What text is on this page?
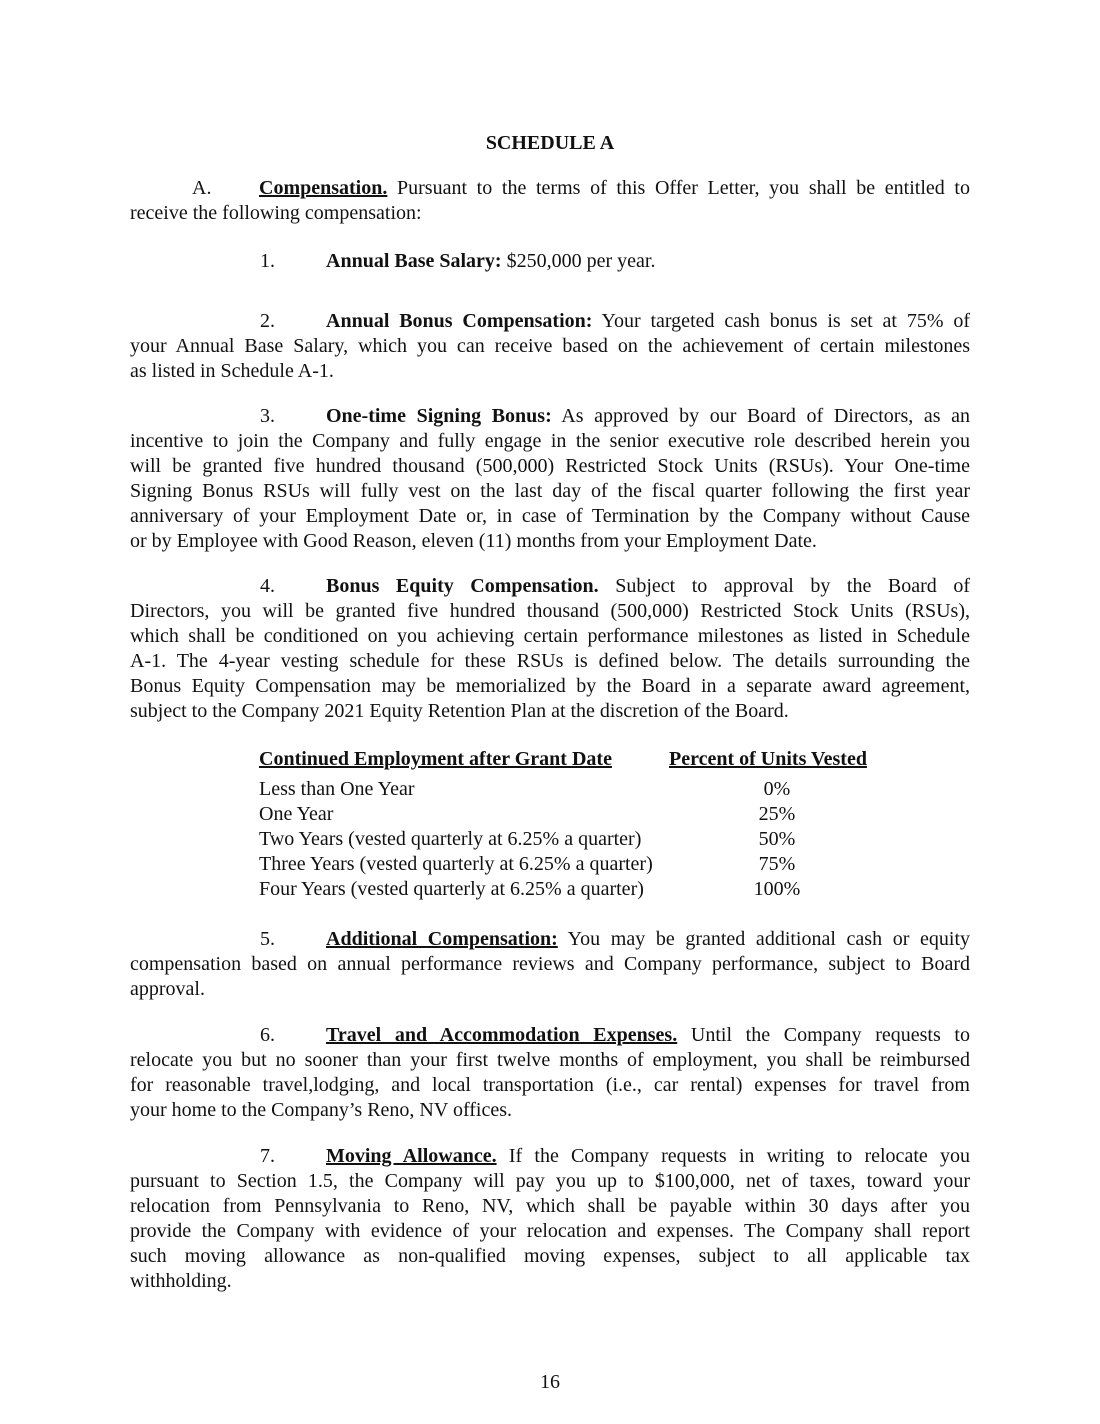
SCHEDULE A
A. Compensation. Pursuant to the terms of this Offer Letter, you shall be entitled to
receive the following compensation:
1.	Annual Base Salary: $250,000 per year.
2.	Annual Bonus Compensation: Your targeted cash bonus is set at 75% of
your Annual Base Salary, which you can receive based on the achievement of certain milestones
as listed in Schedule A-1.
3.	One-time Signing Bonus: As approved by our Board of Directors, as an
incentive to join the Company and fully engage in the senior executive role described herein you
will be granted five hundred thousand (500,000) Restricted Stock Units (RSUs). Your One-time
Signing Bonus RSUs will fully vest on the last day of the fiscal quarter following the first year
anniversary of your Employment Date or, in case of Termination by the Company without Cause
or by Employee with Good Reason, eleven (11) months from your Employment Date.
4.	Bonus Equity Compensation. Subject to approval by the Board of
Directors, you will be granted five hundred thousand (500,000) Restricted Stock Units (RSUs),
which shall be conditioned on you achieving certain performance milestones as listed in Schedule
A-1. The 4-year vesting schedule for these RSUs is defined below. The details surrounding the
Bonus Equity Compensation may be memorialized by the Board in a separate award agreement,
subject to the Company 2021 Equity Retention Plan at the discretion of the Board.
Continued Employment after Grant Date	Percent of Units Vested
Less than One Year	0%
One Year	25%
Two Years (vested quarterly at 6.25% a quarter)	50%
Three Years (vested quarterly at 6.25% a quarter)	75%
Four Years (vested quarterly at 6.25% a quarter)	100%
5.	Additional Compensation: You may be granted additional cash or equity
compensation based on annual performance reviews and Company performance, subject to Board
approval.
6.	Travel and Accommodation Expenses. Until the Company requests to
relocate you but no sooner than your first twelve months of employment, you shall be reimbursed
for reasonable travel,lodging, and local transportation (i.e., car rental) expenses for travel from
your home to the Company’s Reno, NV offices.
7.	Moving Allowance. If the Company requests in writing to relocate you
pursuant to Section 1.5, the Company will pay you up to $100,000, net of taxes, toward your
relocation from Pennsylvania to Reno, NV, which shall be payable within 30 days after you
provide the Company with evidence of your relocation and expenses. The Company shall report
such moving allowance as non-qualified moving expenses, subject to all applicable tax
withholding.
16
